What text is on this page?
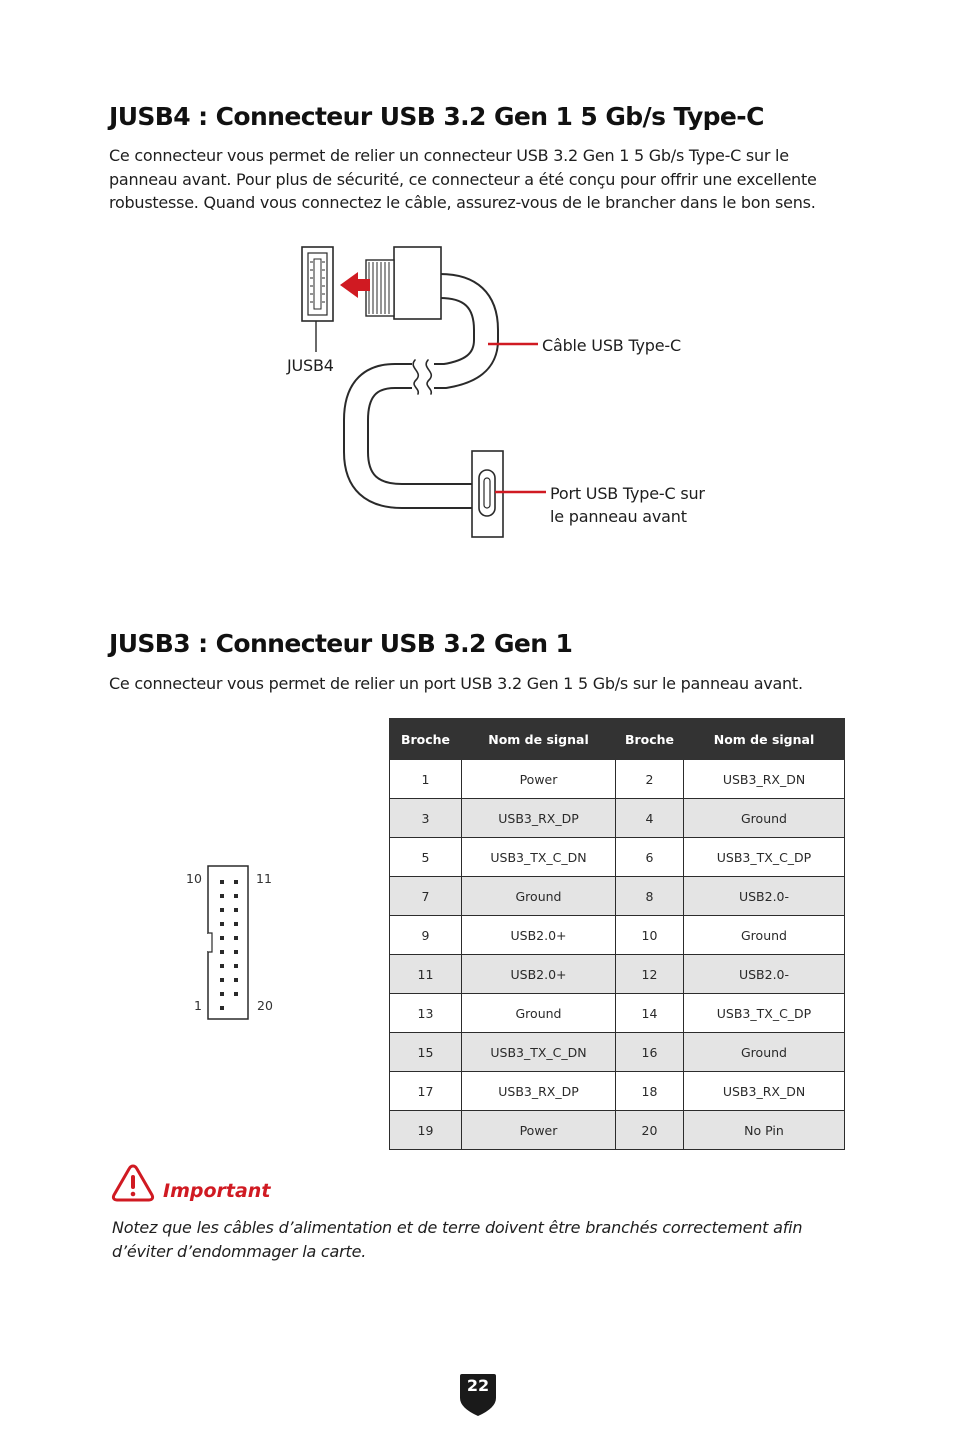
JUSB4 : Connecteur USB 3.2 Gen 1 5 Gb/s Type-C

Ce connecteur vous permet de relier un connecteur USB 3.2 Gen 1 5 Gb/s Type-C sur le panneau avant. Pour plus de sécurité, ce connecteur a été conçu pour offrir une excellente robustesse. Quand vous connectez le câble, assurez-vous de le brancher dans le bon sens.

JUSB4
Câble USB Type-C
Port USB Type-C sur
le panneau avant
JUSB3 : Connecteur USB 3.2 Gen 1

Ce connecteur vous permet de relier un port USB 3.2 Gen 1 5 Gb/s sur le panneau avant.

10	11
1	20
Broche	Nom de signal	Broche	Nom de signal
1	Power	2	USB3_RX_DN
3	USB3_RX_DP	4	Ground
5	USB3_TX_C_DN	6	USB3_TX_C_DP
7	Ground	8	USB2.0-
9	USB2.0+	10	Ground
11	USB2.0+	12	USB2.0-
13	Ground	14	USB3_TX_C_DP
15	USB3_TX_C_DN	16	Ground
17	USB3_RX_DP	18	USB3_RX_DN
19	Power	20	No Pin
Important
Notez que les câbles d’alimentation et de terre doivent être branchés correctement afin d’éviter d’endommager la carte.
22
